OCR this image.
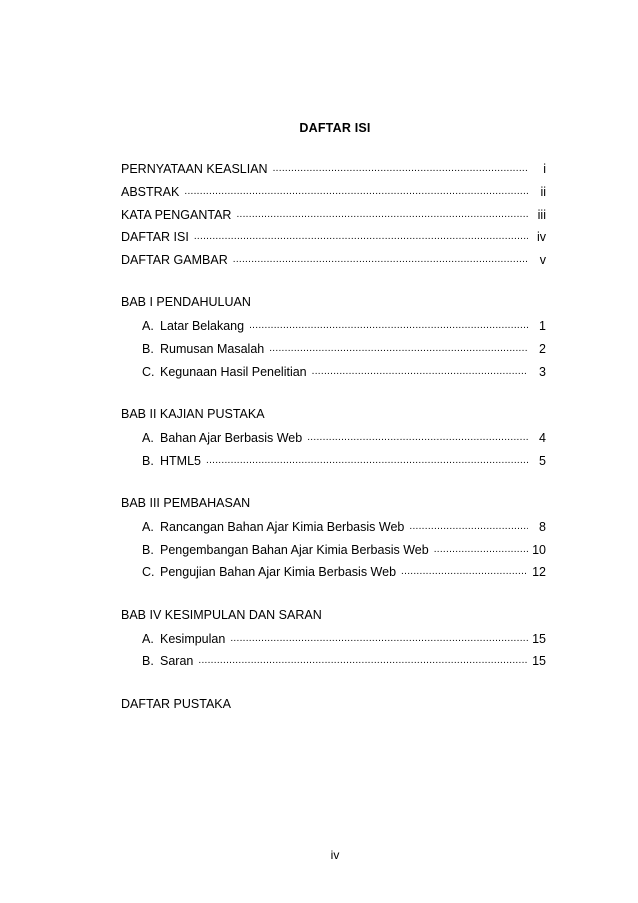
DAFTAR ISI
PERNYATAAN KEASLIAN .....	i
ABSTRAK .....	ii
KATA PENGANTAR .....	iii
DAFTAR ISI .....	iv
DAFTAR GAMBAR .....	v
BAB I PENDAHULUAN
A. Latar Belakang .....	1
B. Rumusan Masalah .....	2
C. Kegunaan Hasil Penelitian .....	3
BAB II KAJIAN PUSTAKA
A. Bahan Ajar Berbasis Web .....	4
B. HTML5 .....	5
BAB III PEMBAHASAN
A. Rancangan Bahan Ajar Kimia Berbasis Web .....	8
B. Pengembangan Bahan Ajar Kimia Berbasis Web .....	10
C. Pengujian Bahan Ajar Kimia Berbasis Web .....	12
BAB IV KESIMPULAN DAN SARAN
A. Kesimpulan .....	15
B. Saran .....	15
DAFTAR PUSTAKA
iv
